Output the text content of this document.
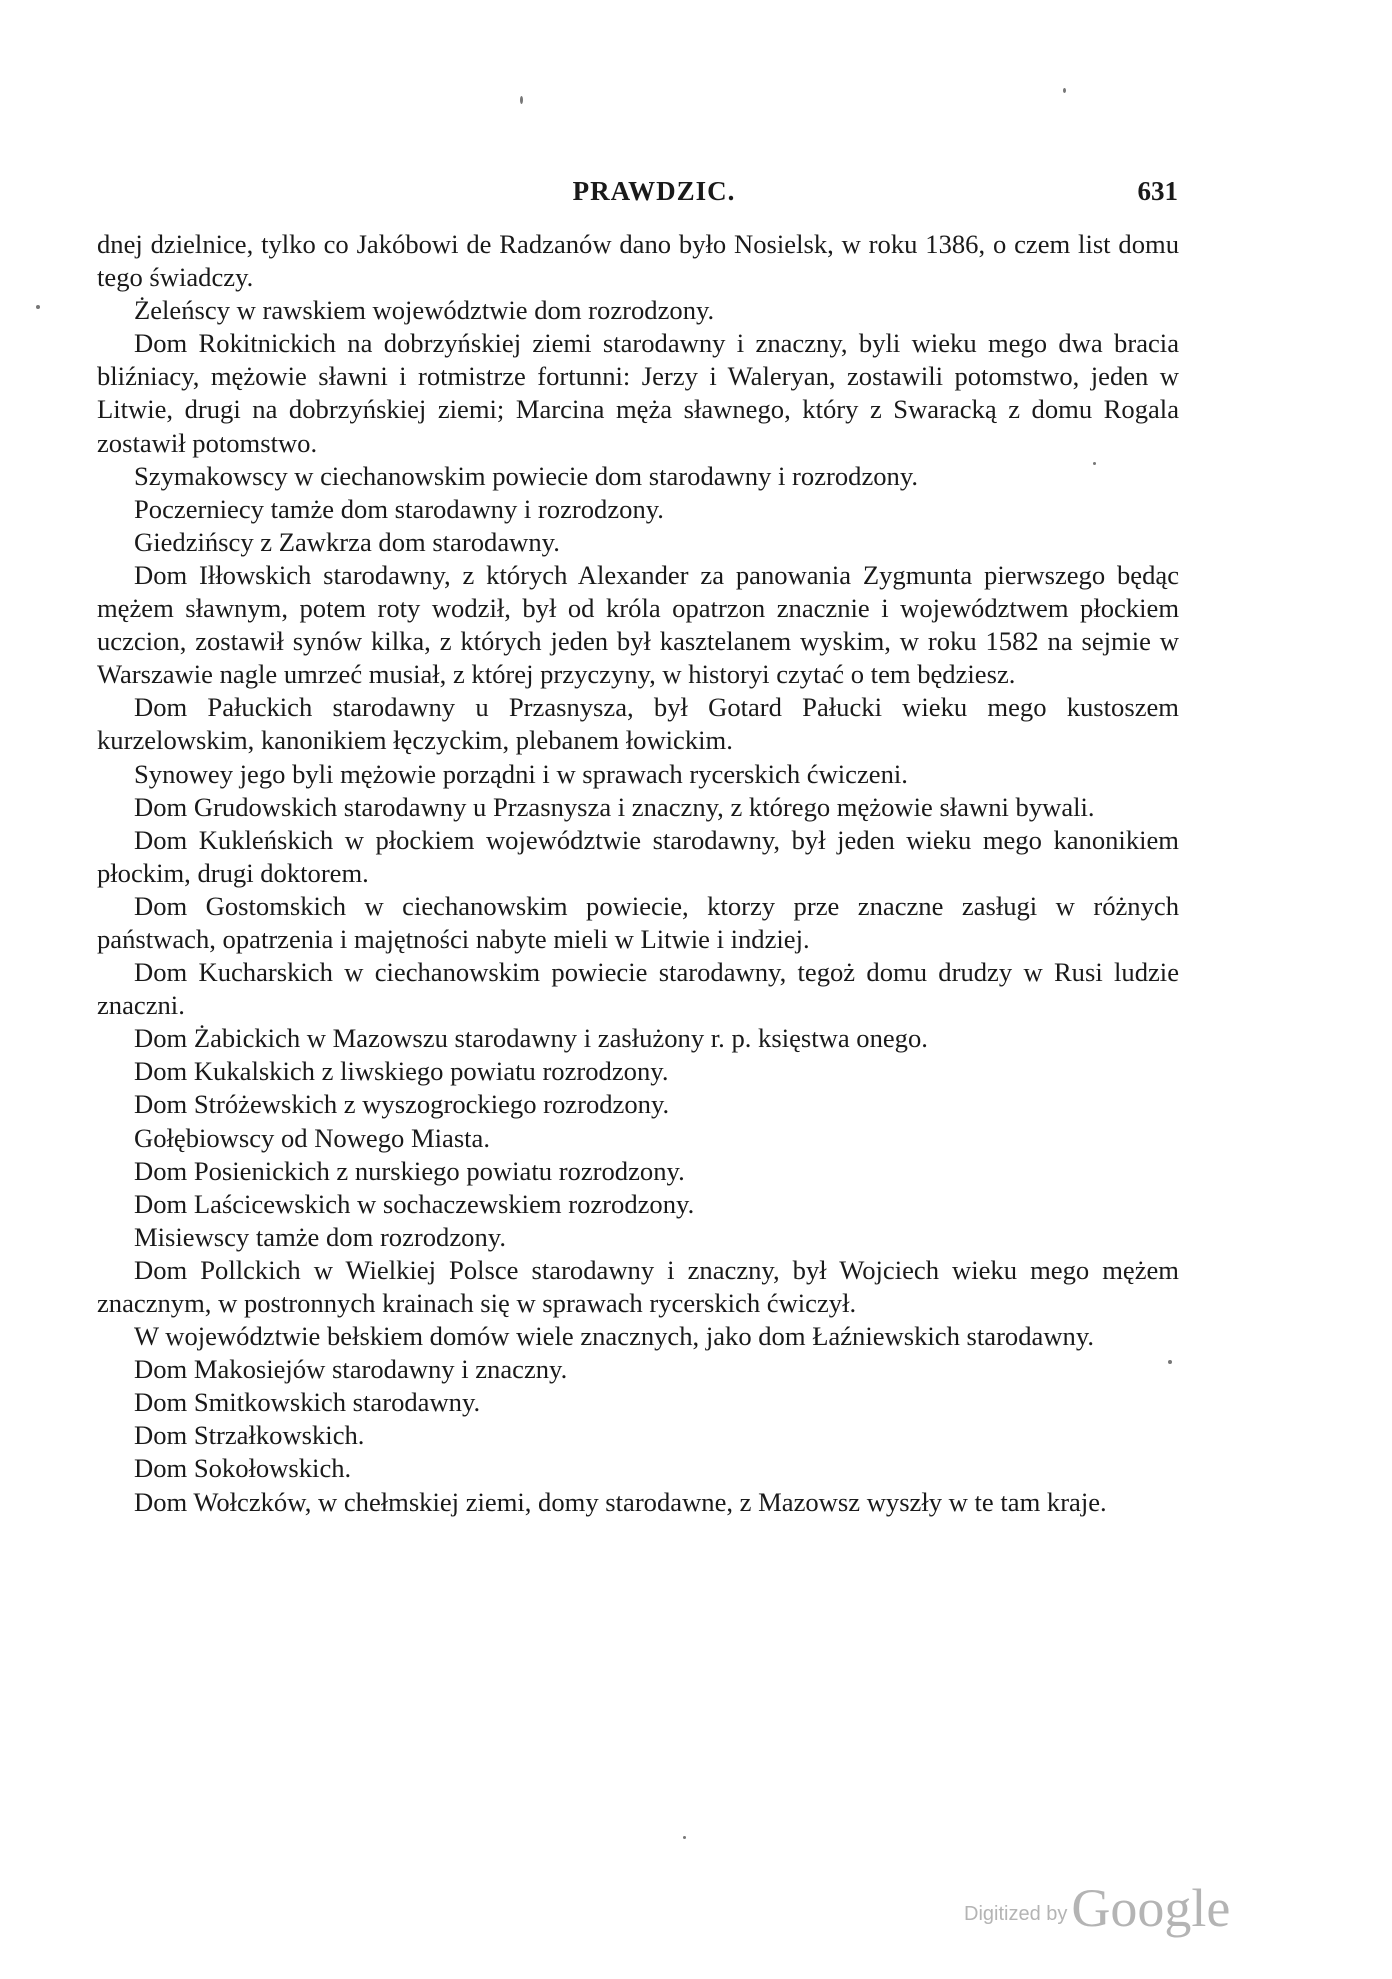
PRAWDZIC.	631

dnej dzielnice, tylko co Jakóbowi de Radzanów dano było Nosielsk, w roku 1386, o czem list domu tego świadczy.

Żeleńscy w rawskiem województwie dom rozrodzony.

Dom Rokitnickich na dobrzyńskiej ziemi starodawny i znaczny, byli wieku mego dwa bracia bliźniacy, mężowie sławni i rotmistrze fortunni: Jerzy i Waleryan, zostawili potomstwo, jeden w Litwie, drugi na dobrzyńskiej ziemi; Marcina męża sławnego, który z Swaracką z domu Rogala zostawił potomstwo.

Szymakowscy w ciechanowskim powiecie dom starodawny i rozrodzony.

Poczerniecy tamże dom starodawny i rozrodzony.

Giedzińscy z Zawkrza dom starodawny.

Dom Iłłowskich starodawny, z których Alexander za panowania Zygmunta pierwszego będąc mężem sławnym, potem roty wodził, był od króla opatrzon znacznie i województwem płockiem uczcion, zostawił synów kilka, z których jeden był kasztelanem wyskim, w roku 1582 na sejmie w Warszawie nagle umrzeć musiał, z której przyczyny, w historyi czytać o tem będziesz.

Dom Pałuckich starodawny u Przasnysza, był Gotard Pałucki wieku mego kustoszem kurzelowskim, kanonikiem łęczyckim, plebanem łowickim.

Synowey jego byli mężowie porządni i w sprawach rycerskich ćwiczeni.

Dom Grudowskich starodawny u Przasnysza i znaczny, z którego mężowie sławni bywali.

Dom Kukleńskich w płockiem województwie starodawny, był jeden wieku mego kanonikiem płockim, drugi doktorem.

Dom Gostomskich w ciechanowskim powiecie, ktorzy prze znaczne zasługi w różnych państwach, opatrzenia i majętności nabyte mieli w Litwie i indziej.

Dom Kucharskich w ciechanowskim powiecie starodawny, tegoż domu drudzy w Rusi ludzie znaczni.

Dom Żabickich w Mazowszu starodawny i zasłużony r. p. księstwa onego.

Dom Kukalskich z liwskiego powiatu rozrodzony.

Dom Stróżewskich z wyszogrockiego rozrodzony.

Gołębiowscy od Nowego Miasta.

Dom Posienickich z nurskiego powiatu rozrodzony.

Dom Laścicewskich w sochaczewskiem rozrodzony.

Misiewscy tamże dom rozrodzony.

Dom Pollckich w Wielkiej Polsce starodawny i znaczny, był Wojciech wieku mego mężem znacznym, w postronnych krainach się w sprawach rycerskich ćwiczył.

W województwie bełskiem domów wiele znacznych, jako dom Łaźniewskich starodawny.

Dom Makosiejów starodawny i znaczny.

Dom Smitkowskich starodawny.

Dom Strzałkowskich.

Dom Sokołowskich.

Dom Wołczków, w chełmskiej ziemi, domy starodawne, z Mazowsz wyszły w te tam kraje.

Digitized by Google
